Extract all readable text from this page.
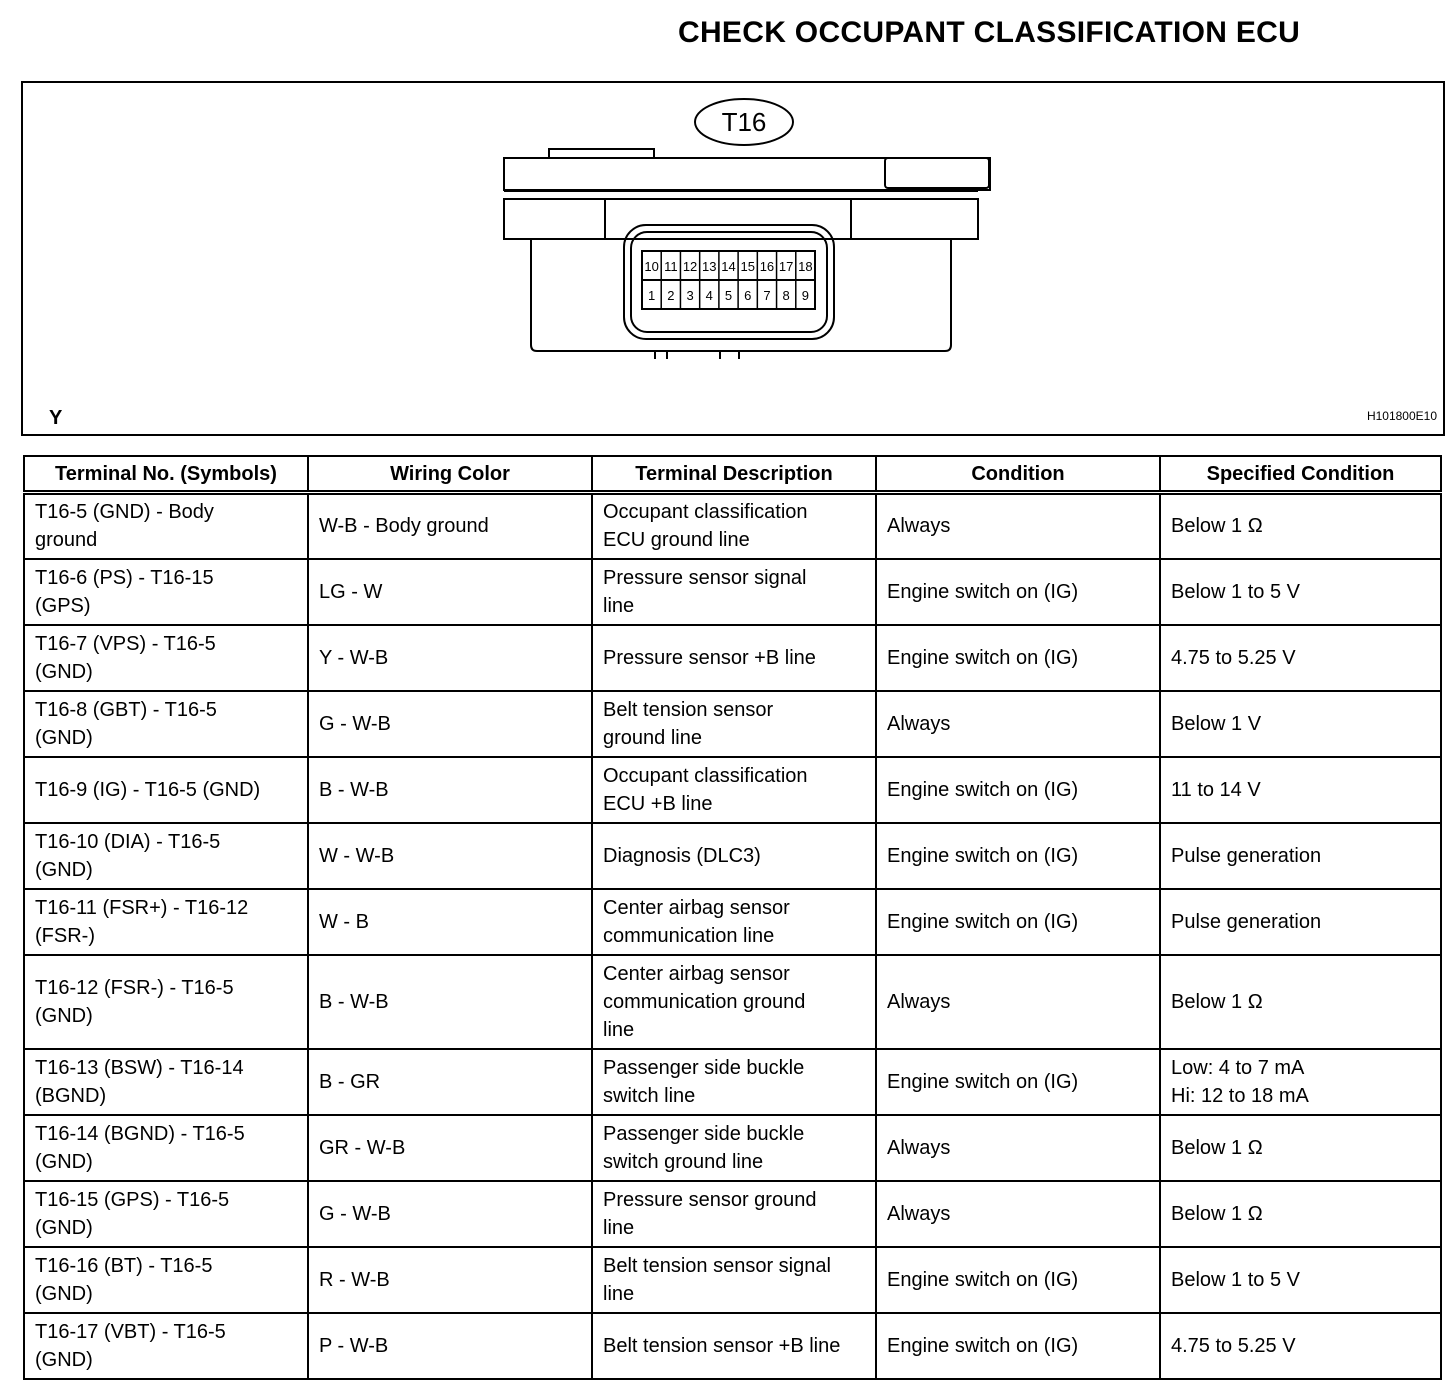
CHECK OCCUPANT CLASSIFICATION ECU
T16
10
1
11
2
12
3
13
4
14
5
15
6
16
7
17
8
18
9
Y	H101800E10
Terminal No. (Symbols)	Wiring Color	Terminal Description	Condition	Specified Condition
T16-5 (GND) - Body
ground	W-B - Body ground	Occupant classification
ECU ground line	Always	Below 1 Ω
T16-6 (PS) - T16-15
(GPS)	LG - W	Pressure sensor signal
line	Engine switch on (IG)	Below 1 to 5 V
T16-7 (VPS) - T16-5
(GND)	Y - W-B	Pressure sensor +B line	Engine switch on (IG)	4.75 to 5.25 V
T16-8 (GBT) - T16-5
(GND)	G - W-B	Belt tension sensor
ground line	Always	Below 1 V
T16-9 (IG) - T16-5 (GND)	B - W-B	Occupant classification
ECU +B line	Engine switch on (IG)	11 to 14 V
T16-10 (DIA) - T16-5
(GND)	W - W-B	Diagnosis (DLC3)	Engine switch on (IG)	Pulse generation
T16-11 (FSR+) - T16-12
(FSR-)	W - B	Center airbag sensor
communication line	Engine switch on (IG)	Pulse generation
T16-12 (FSR-) - T16-5
(GND)	B - W-B	Center airbag sensor
communication ground
line	Always	Below 1 Ω
T16-13 (BSW) - T16-14
(BGND)	B - GR	Passenger side buckle
switch line	Engine switch on (IG)	Low: 4 to 7 mA
Hi: 12 to 18 mA
T16-14 (BGND) - T16-5
(GND)	GR - W-B	Passenger side buckle
switch ground line	Always	Below 1 Ω
T16-15 (GPS) - T16-5
(GND)	G - W-B	Pressure sensor ground
line	Always	Below 1 Ω
T16-16 (BT) - T16-5
(GND)	R - W-B	Belt tension sensor signal
line	Engine switch on (IG)	Below 1 to 5 V
T16-17 (VBT) - T16-5
(GND)	P - W-B	Belt tension sensor +B line	Engine switch on (IG)	4.75 to 5.25 V
